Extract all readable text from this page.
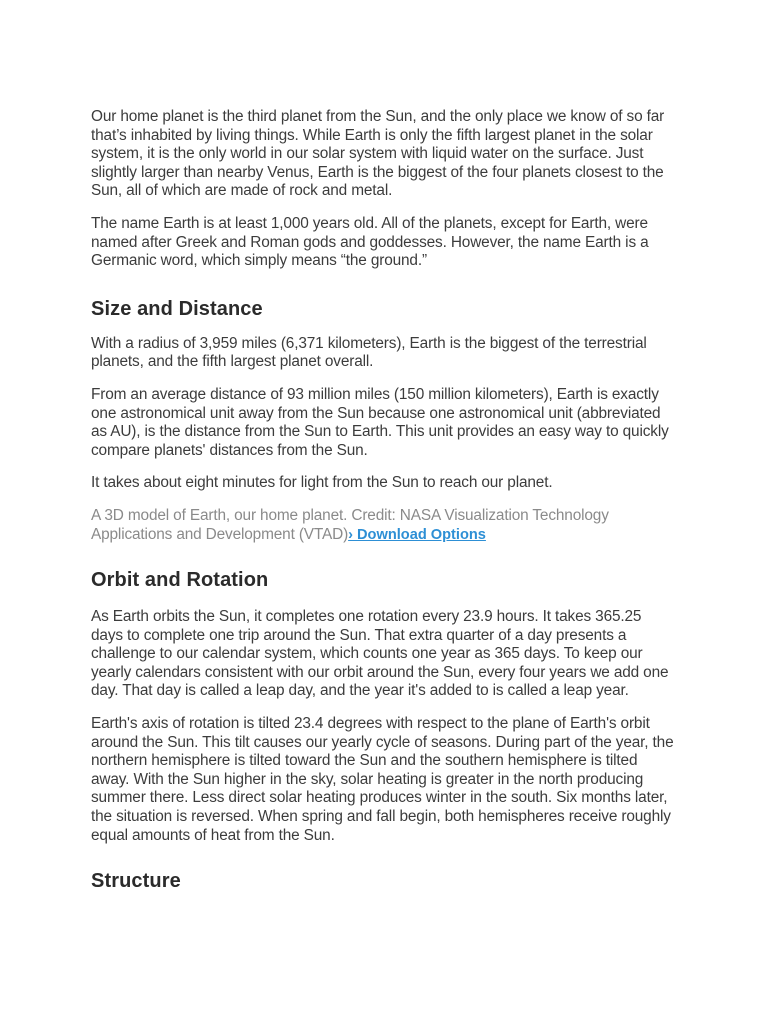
Our home planet is the third planet from the Sun, and the only place we know of so far that’s inhabited by living things. While Earth is only the fifth largest planet in the solar system, it is the only world in our solar system with liquid water on the surface. Just slightly larger than nearby Venus, Earth is the biggest of the four planets closest to the Sun, all of which are made of rock and metal.

The name Earth is at least 1,000 years old. All of the planets, except for Earth, were named after Greek and Roman gods and goddesses. However, the name Earth is a Germanic word, which simply means “the ground.”

Size and Distance

With a radius of 3,959 miles (6,371 kilometers), Earth is the biggest of the terrestrial planets, and the fifth largest planet overall.

From an average distance of 93 million miles (150 million kilometers), Earth is exactly one astronomical unit away from the Sun because one astronomical unit (abbreviated as AU), is the distance from the Sun to Earth. This unit provides an easy way to quickly compare planets' distances from the Sun.

It takes about eight minutes for light from the Sun to reach our planet.

A 3D model of Earth, our home planet. Credit: NASA Visualization Technology Applications and Development (VTAD)› Download Options

Orbit and Rotation

As Earth orbits the Sun, it completes one rotation every 23.9 hours. It takes 365.25 days to complete one trip around the Sun. That extra quarter of a day presents a challenge to our calendar system, which counts one year as 365 days. To keep our yearly calendars consistent with our orbit around the Sun, every four years we add one day. That day is called a leap day, and the year it's added to is called a leap year.

Earth's axis of rotation is tilted 23.4 degrees with respect to the plane of Earth's orbit around the Sun. This tilt causes our yearly cycle of seasons. During part of the year, the northern hemisphere is tilted toward the Sun and the southern hemisphere is tilted away. With the Sun higher in the sky, solar heating is greater in the north producing summer there. Less direct solar heating produces winter in the south. Six months later, the situation is reversed. When spring and fall begin, both hemispheres receive roughly equal amounts of heat from the Sun.

Structure
